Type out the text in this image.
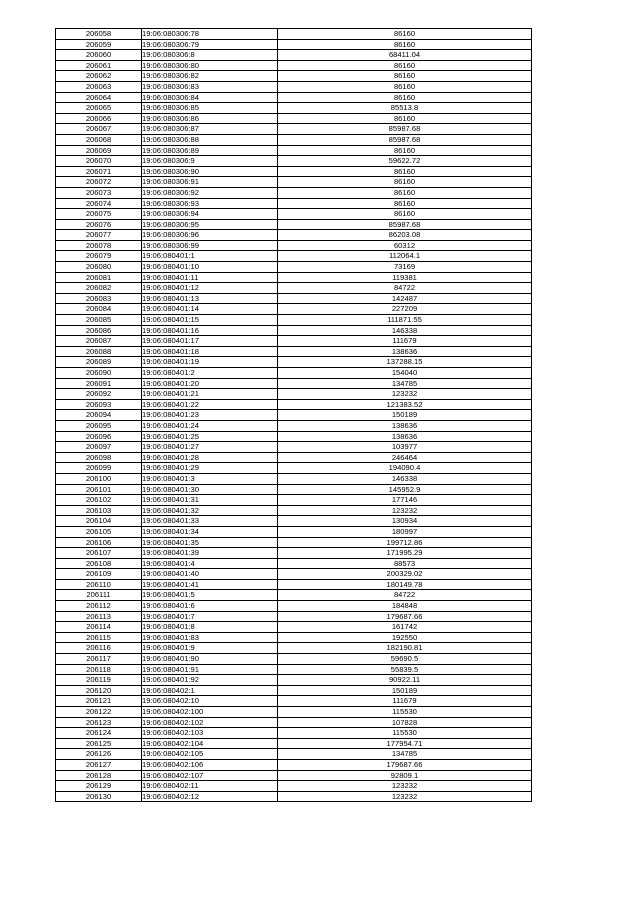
206058	19:06:080306:78	86160
206059	19:06:080306:79	86160
206060	19:06:080306:8	68411.04
206061	19:06:080306:80	86160
206062	19:06:080306:82	86160
206063	19:06:080306:83	86160
206064	19:06:080306:84	86160
206065	19:06:080306:85	85513.8
206066	19:06:080306:86	86160
206067	19:06:080306:87	85987.68
206068	19:06:080306:88	85987.68
206069	19:06:080306:89	86160
206070	19:06:080306:9	59622.72
206071	19:06:080306:90	86160
206072	19:06:080306:91	86160
206073	19:06:080306:92	86160
206074	19:06:080306:93	86160
206075	19:06:080306:94	86160
206076	19:06:080306:95	85987.68
206077	19:06:080306:96	86203.08
206078	19:06:080306:99	60312
206079	19:06:080401:1	112064.1
206080	19:06:080401:10	73169
206081	19:06:080401:11	119381
206082	19:06:080401:12	84722
206083	19:06:080401:13	142487
206084	19:06:080401:14	227209
206085	19:06:080401:15	111871.55
206086	19:06:080401:16	146338
206087	19:06:080401:17	111679
206088	19:06:080401:18	138636
206089	19:06:080401:19	137288.15
206090	19:06:080401:2	154040
206091	19:06:080401:20	134785
206092	19:06:080401:21	123232
206093	19:06:080401:22	121383.52
206094	19:06:080401:23	150189
206095	19:06:080401:24	138636
206096	19:06:080401:25	138636
206097	19:06:080401:27	103977
206098	19:06:080401:28	246464
206099	19:06:080401:29	194090.4
206100	19:06:080401:3	146338
206101	19:06:080401:30	145952.9
206102	19:06:080401:31	177146
206103	19:06:080401:32	123232
206104	19:06:080401:33	130934
206105	19:06:080401:34	180997
206106	19:06:080401:35	199712.86
206107	19:06:080401:39	171995.29
206108	19:06:080401:4	88573
206109	19:06:080401:40	200329.02
206110	19:06:080401:41	180149.78
206111	19:06:080401:5	84722
206112	19:06:080401:6	184848
206113	19:06:080401:7	179687.66
206114	19:06:080401:8	161742
206115	19:06:080401:83	192550
206116	19:06:080401:9	182190.81
206117	19:06:080401:90	59690.5
206118	19:06:080401:91	55839.5
206119	19:06:080401:92	90922.11
206120	19:06:080402:1	150189
206121	19:06:080402:10	111679
206122	19:06:080402:100	115530
206123	19:06:080402:102	107828
206124	19:06:080402:103	115530
206125	19:06:080402:104	177954.71
206126	19:06:080402:105	134785
206127	19:06:080402:106	179687.66
206128	19:06:080402:107	92809.1
206129	19:06:080402:11	123232
206130	19:06:080402:12	123232
